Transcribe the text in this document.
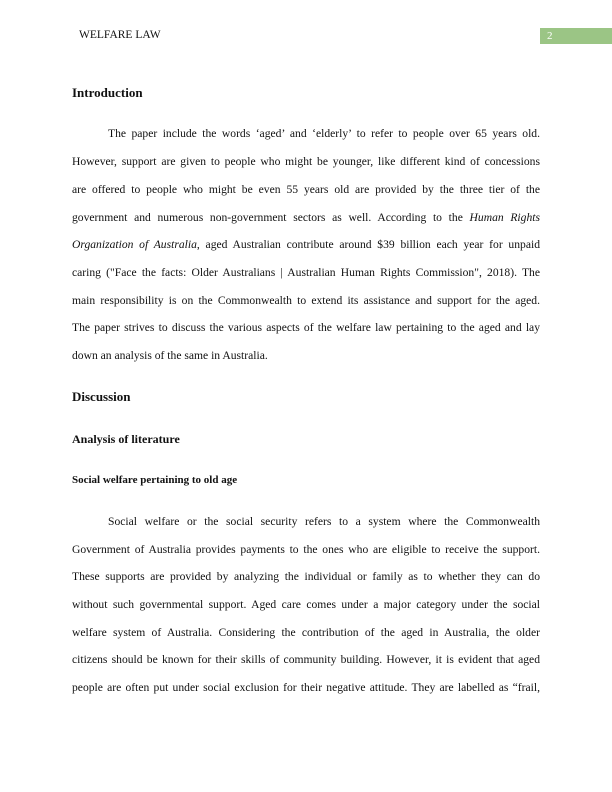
WELFARE LAW	2
Introduction
The paper include the words ‘aged’ and ‘elderly’ to refer to people over 65 years old.
However, support are given to people who might be younger, like different kind of concessions
are offered to people who might be even 55 years old are provided by the three tier of the
government and numerous non-government sectors as well. According to the Human Rights
Organization of Australia, aged Australian contribute around $39 billion each year for unpaid
caring ("Face the facts: Older Australians | Australian Human Rights Commission", 2018). The
main responsibility is on the Commonwealth to extend its assistance and support for the aged.
The paper strives to discuss the various aspects of the welfare law pertaining to the aged and lay
down an analysis of the same in Australia.
Discussion
Analysis of literature
Social welfare pertaining to old age
Social welfare or the social security refers to a system where the Commonwealth
Government of Australia provides payments to the ones who are eligible to receive the support.
These supports are provided by analyzing the individual or family as to whether they can do
without such governmental support. Aged care comes under a major category under the social
welfare system of Australia. Considering the contribution of the aged in Australia, the older
citizens should be known for their skills of community building. However, it is evident that aged
people are often put under social exclusion for their negative attitude. They are labelled as “frail,
